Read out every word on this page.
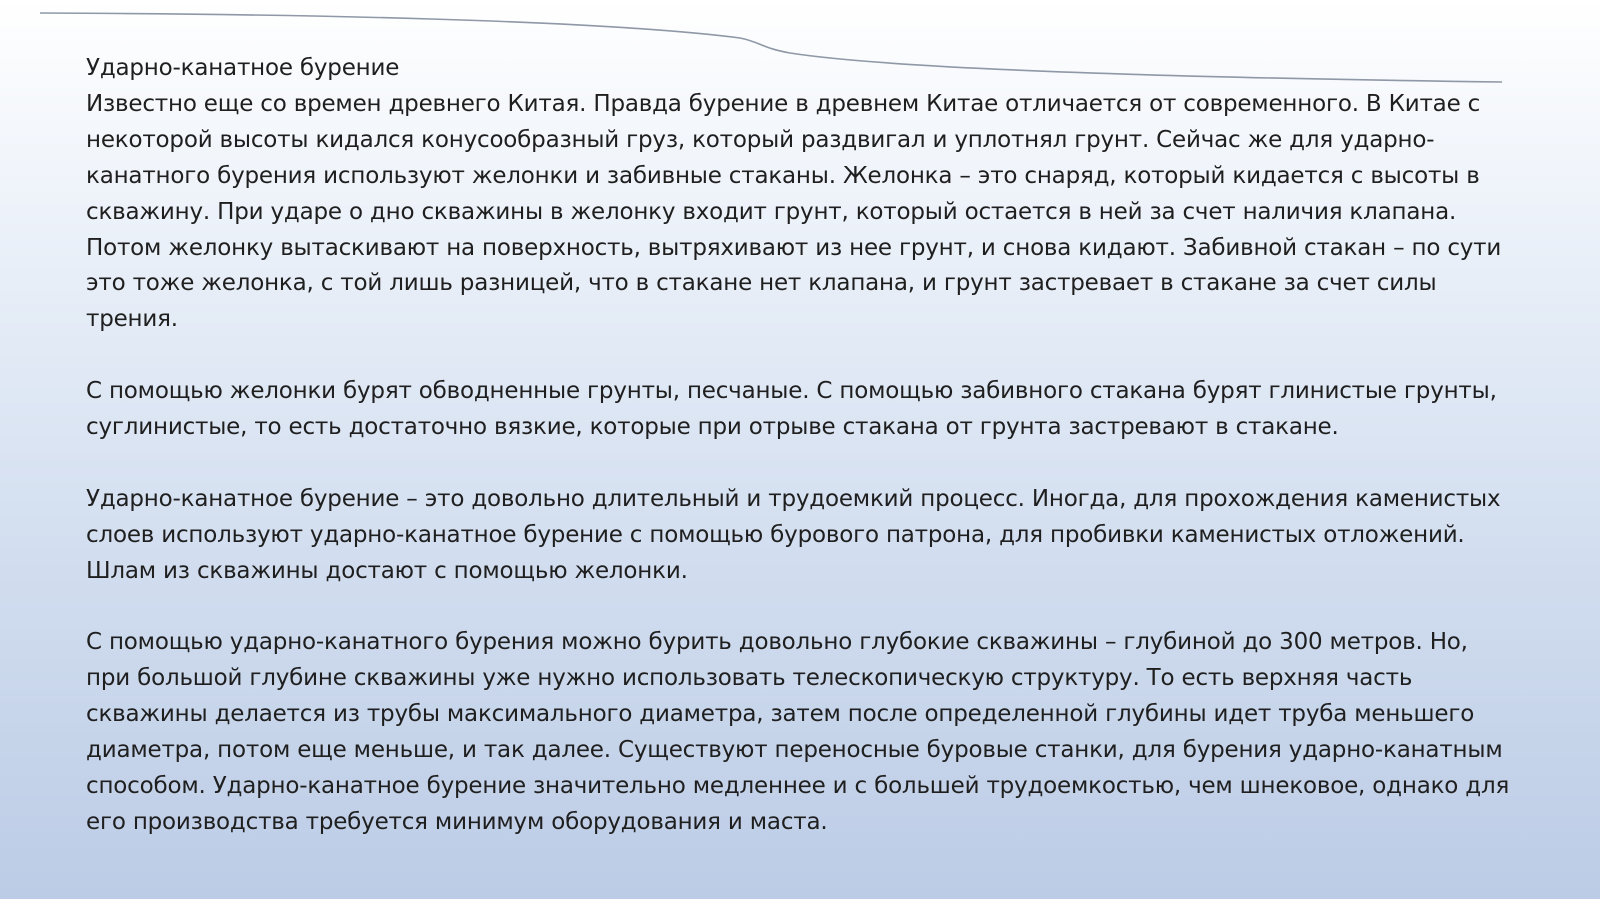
Ударно-канатное бурение

Известно еще со времен древнего Китая. Правда бурение в древнем Китае отличается от современного. В Китае с некоторой высоты кидался конусообразный груз, который раздвигал и уплотнял грунт. Сейчас же для ударно-канатного бурения используют желонки и забивные стаканы. Желонка – это снаряд, который кидается с высоты в скважину. При ударе о дно скважины в желонку входит грунт, который остается в ней за счет наличия клапана. Потом желонку вытаскивают на поверхность, вытряхивают из нее грунт, и снова кидают. Забивной стакан – по сути это тоже желонка, с той лишь разницей, что в стакане нет клапана, и грунт застревает в стакане за счет силы трения.

С помощью желонки бурят обводненные грунты, песчаные. С помощью забивного стакана бурят глинистые грунты, суглинистые, то есть достаточно вязкие, которые при отрыве стакана от грунта застревают в стакане.

Ударно-канатное бурение – это довольно длительный и трудоемкий процесс. Иногда, для прохождения каменистых слоев используют ударно-канатное бурение с помощью бурового патрона, для пробивки каменистых отложений. Шлам из скважины достают с помощью желонки.

С помощью ударно-канатного бурения можно бурить довольно глубокие скважины – глубиной до 300 метров. Но, при большой глубине скважины уже нужно использовать телескопическую структуру. То есть верхняя часть скважины делается из трубы максимального диаметра, затем после определенной глубины идет труба меньшего диаметра, потом еще меньше, и так далее. Существуют переносные буровые станки, для бурения ударно-канатным способом. Ударно-канатное бурение значительно медленнее и с большей трудоемкостью, чем шнековое, однако для его производства требуется минимум оборудования и маста.
